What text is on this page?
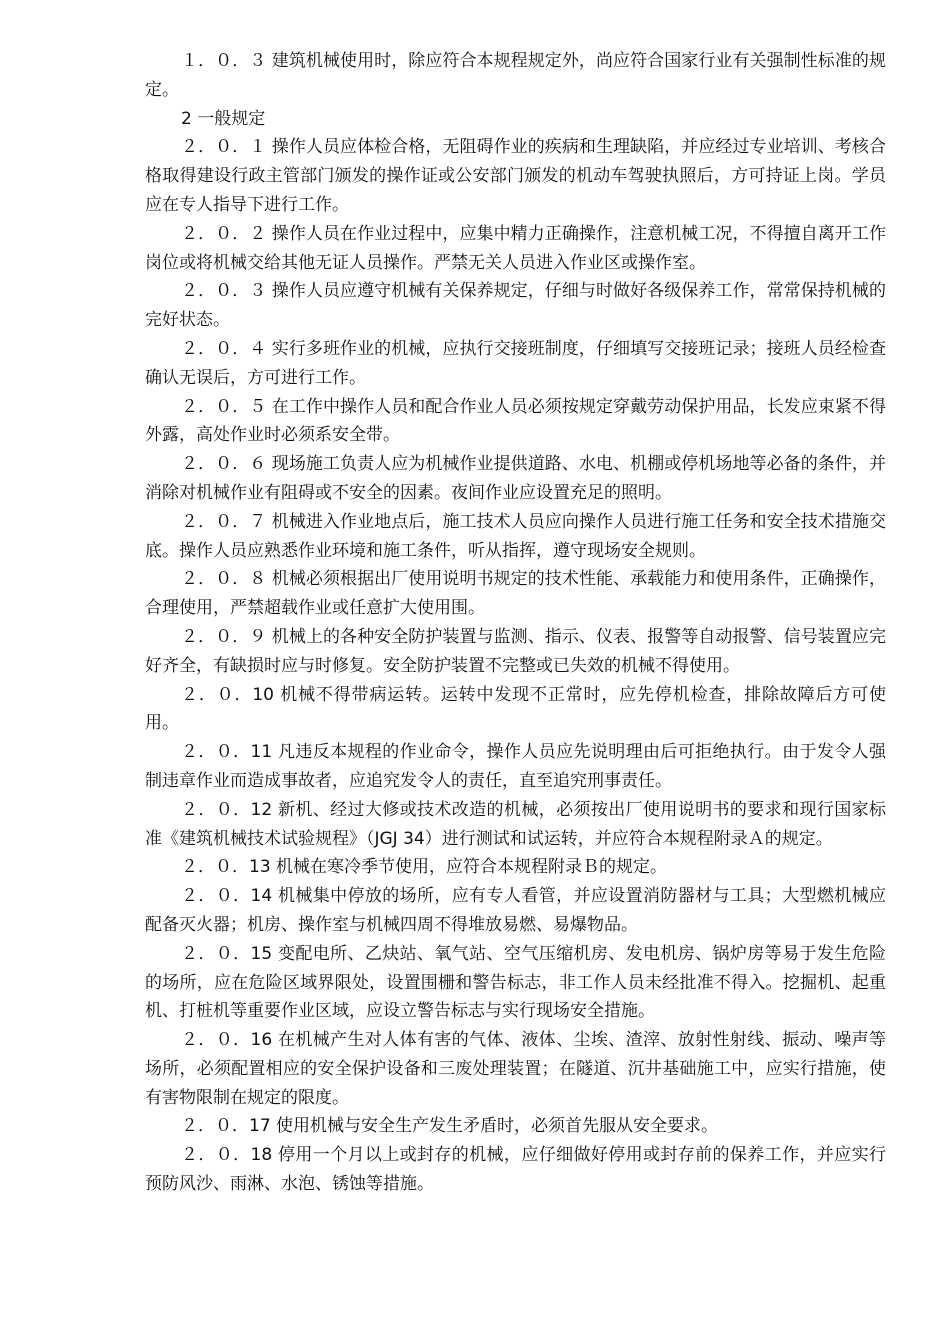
１．０．３ 建筑机械使用时，除应符合本规程规定外，尚应符合国家行业有关强制性标准的规定。

2 一般规定

２．０．１ 操作人员应体检合格，无阻碍作业的疾病和生理缺陷，并应经过专业培训、考核合格取得建设行政主管部门颁发的操作证或公安部门颁发的机动车驾驶执照后，方可持证上岗。学员应在专人指导下进行工作。

２．０．２ 操作人员在作业过程中，应集中精力正确操作，注意机械工况，不得擅自离开工作岗位或将机械交给其他无证人员操作。严禁无关人员进入作业区或操作室。

２．０．３ 操作人员应遵守机械有关保养规定，仔细与时做好各级保养工作，常常保持机械的完好状态。

２．０．４ 实行多班作业的机械，应执行交接班制度，仔细填写交接班记录；接班人员经检查确认无误后，方可进行工作。

２．０．５ 在工作中操作人员和配合作业人员必须按规定穿戴劳动保护用品，长发应束紧不得外露，高处作业时必须系安全带。

２．０．６ 现场施工负责人应为机械作业提供道路、水电、机棚或停机场地等必备的条件，并消除对机械作业有阻碍或不安全的因素。夜间作业应设置充足的照明。

２．０．７ 机械进入作业地点后，施工技术人员应向操作人员进行施工任务和安全技术措施交底。操作人员应熟悉作业环境和施工条件，听从指挥，遵守现场安全规则。

２．０．８ 机械必须根据出厂使用说明书规定的技术性能、承载能力和使用条件，正确操作，合理使用，严禁超载作业或任意扩大使用围。

２．０．９ 机械上的各种安全防护装置与监测、指示、仪表、报警等自动报警、信号装置应完好齐全，有缺损时应与时修复。安全防护装置不完整或已失效的机械不得使用。

２．０．10 机械不得带病运转。运转中发现不正常时，应先停机检查，排除故障后方可使用。

２．０．11 凡违反本规程的作业命令，操作人员应先说明理由后可拒绝执行。由于发令人强制违章作业而造成事故者，应追究发令人的责任，直至追究刑事责任。

２．０．12 新机、经过大修或技术改造的机械，必须按出厂使用说明书的要求和现行国家标准《建筑机械技术试验规程》（JGJ 34）进行测试和试运转，并应符合本规程附录Ａ的规定。

２．０．13 机械在寒冷季节使用，应符合本规程附录Ｂ的规定。

２．０．14 机械集中停放的场所，应有专人看管，并应设置消防器材与工具；大型燃机械应配备灭火器；机房、操作室与机械四周不得堆放易燃、易爆物品。

２．０．15 变配电所、乙炔站、氧气站、空气压缩机房、发电机房、锅炉房等易于发生危险的场所，应在危险区域界限处，设置围栅和警告标志，非工作人员未经批准不得入。挖掘机、起重机、打桩机等重要作业区域，应设立警告标志与实行现场安全措施。

２．０．16 在机械产生对人体有害的气体、液体、尘埃、渣滓、放射性射线、振动、噪声等场所，必须配置相应的安全保护设备和三废处理装置；在隧道、沉井基础施工中，应实行措施，使有害物限制在规定的限度。

２．０．17 使用机械与安全生产发生矛盾时，必须首先服从安全要求。

２．０．18 停用一个月以上或封存的机械，应仔细做好停用或封存前的保养工作，并应实行预防风沙、雨淋、水泡、锈蚀等措施。
